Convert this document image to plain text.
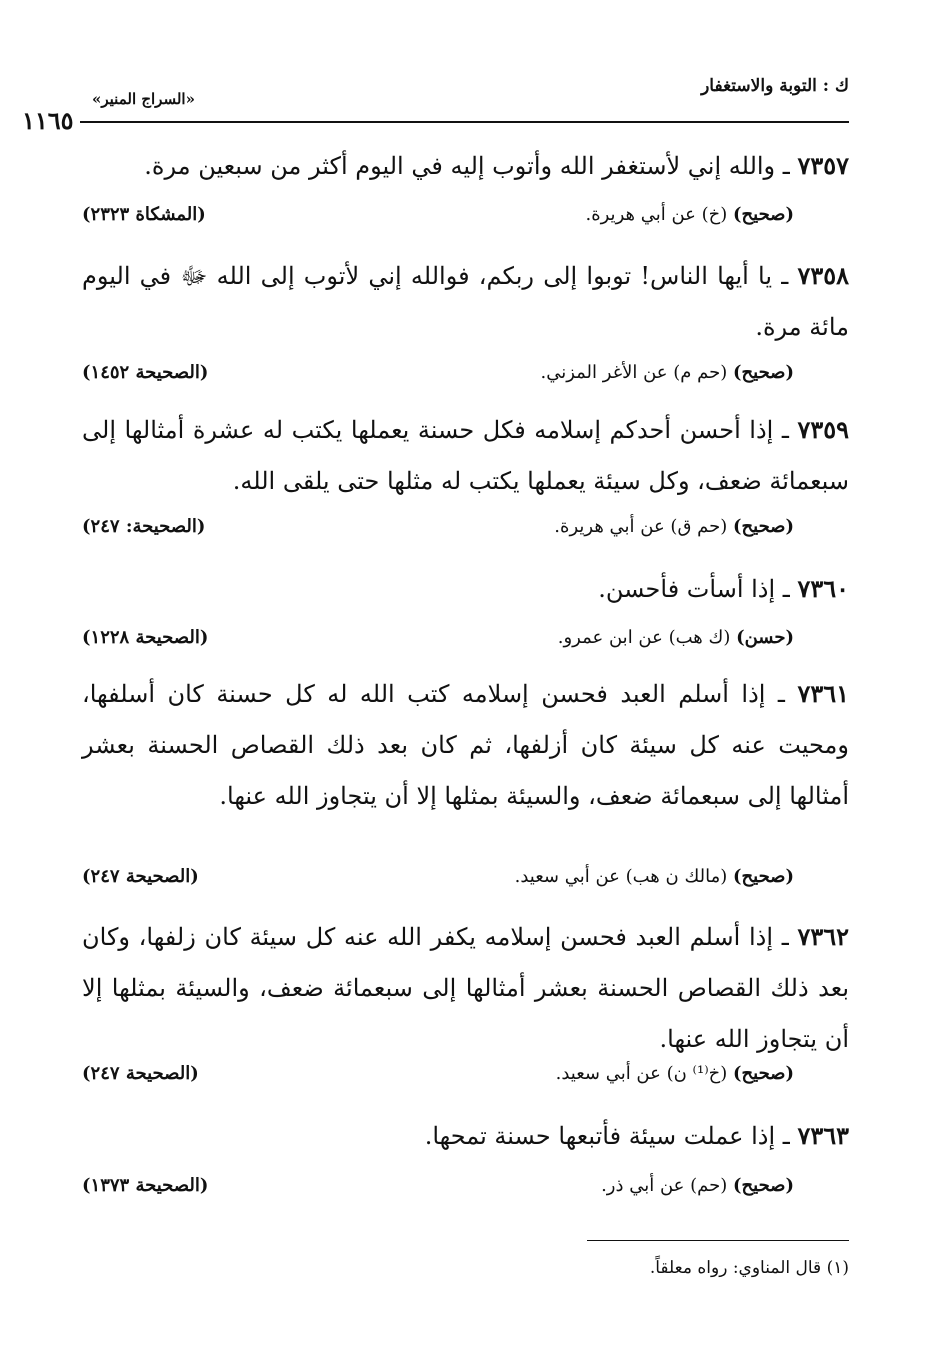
ك : التوبة والاستغفار
«السراج المنير»
١١٦٥
٧٣٥٧ ـ والله إني لأستغفر الله وأتوب إليه في اليوم أكثر من سبعين مرة.
(صحيح) (خ) عن أبي هريرة.
(المشكاة ٢٣٢٣)
٧٣٥٨ ـ يا أيها الناس! توبوا إلى ربكم، فوالله إني لأتوب إلى الله ﷻ في اليوم مائة مرة.
(صحيح) (حم م) عن الأغر المزني.
(الصحيحة ١٤٥٢)
٧٣٥٩ ـ إذا أحسن أحدكم إسلامه فكل حسنة يعملها يكتب له عشرة أمثالها إلى سبعمائة ضعف، وكل سيئة يعملها يكتب له مثلها حتى يلقى الله.
(صحيح) (حم ق) عن أبي هريرة.
(الصحيحة: ٢٤٧)
٧٣٦٠ ـ إذا أسأت فأحسن.
(حسن) (ك هب) عن ابن عمرو.
(الصحيحة ١٢٢٨)
٧٣٦١ ـ إذا أسلم العبد فحسن إسلامه كتب الله له كل حسنة كان أسلفها، ومحيت عنه كل سيئة كان أزلفها، ثم كان بعد ذلك القصاص الحسنة بعشر أمثالها إلى سبعمائة ضعف، والسيئة بمثلها إلا أن يتجاوز الله عنها.
(صحيح) (مالك ن هب) عن أبي سعيد.
(الصحيحة ٢٤٧)
٧٣٦٢ ـ إذا أسلم العبد فحسن إسلامه يكفر الله عنه كل سيئة كان زلفها، وكان بعد ذلك القصاص الحسنة بعشر أمثالها إلى سبعمائة ضعف، والسيئة بمثلها إلا أن يتجاوز الله عنها.
(صحيح) (خ⁽¹⁾ ن) عن أبي سعيد.
(الصحيحة ٢٤٧)
٧٣٦٣ ـ إذا عملت سيئة فأتبعها حسنة تمحها.
(صحيح) (حم) عن أبي ذر.
(الصحيحة ١٣٧٣)
(١) قال المناوي: رواه معلقاً.
